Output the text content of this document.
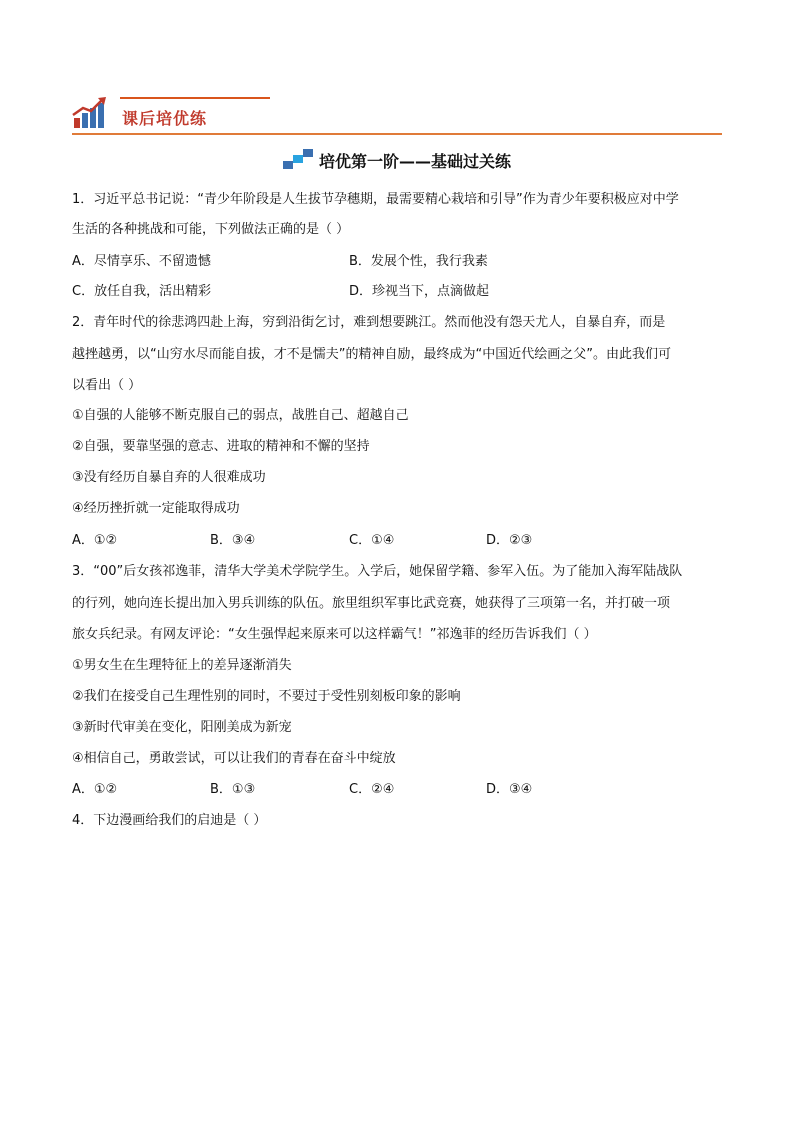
课后培优练
培优第一阶——基础过关练
1．习近平总书记说：“青少年阶段是人生拔节孕穗期，最需要精心栽培和引导”作为青少年要积极应对中学
生活的各种挑战和可能，下列做法正确的是（ ）
A．尽情享乐、不留遗憾	B．发展个性，我行我素
C．放任自我，活出精彩	D．珍视当下，点滴做起
2．青年时代的徐悲鸿四赴上海，穷到沿街乞讨，难到想要跳江。然而他没有怨天尤人，自暴自弃，而是
越挫越勇，以“山穷水尽而能自拔，才不是懦夫”的精神自励，最终成为“中国近代绘画之父”。由此我们可
以看出（ ）
①自强的人能够不断克服自己的弱点，战胜自己、超越自己
②自强，要靠坚强的意志、进取的精神和不懈的坚持
③没有经历自暴自弃的人很难成功
④经历挫折就一定能取得成功
A．①②	B．③④	C．①④	D．②③
3．“00”后女孩祁逸菲，清华大学美术学院学生。入学后，她保留学籍、参军入伍。为了能加入海军陆战队
的行列，她向连长提出加入男兵训练的队伍。旅里组织军事比武竞赛，她获得了三项第一名，并打破一项
旅女兵纪录。有网友评论：“女生强悍起来原来可以这样霸气！”祁逸菲的经历告诉我们（ ）
①男女生在生理特征上的差异逐渐消失
②我们在接受自己生理性别的同时，不要过于受性别刻板印象的影响
③新时代审美在变化，阳刚美成为新宠
④相信自己，勇敢尝试，可以让我们的青春在奋斗中绽放
A．①②	B．①③	C．②④	D．③④
4．下边漫画给我们的启迪是（ ）
